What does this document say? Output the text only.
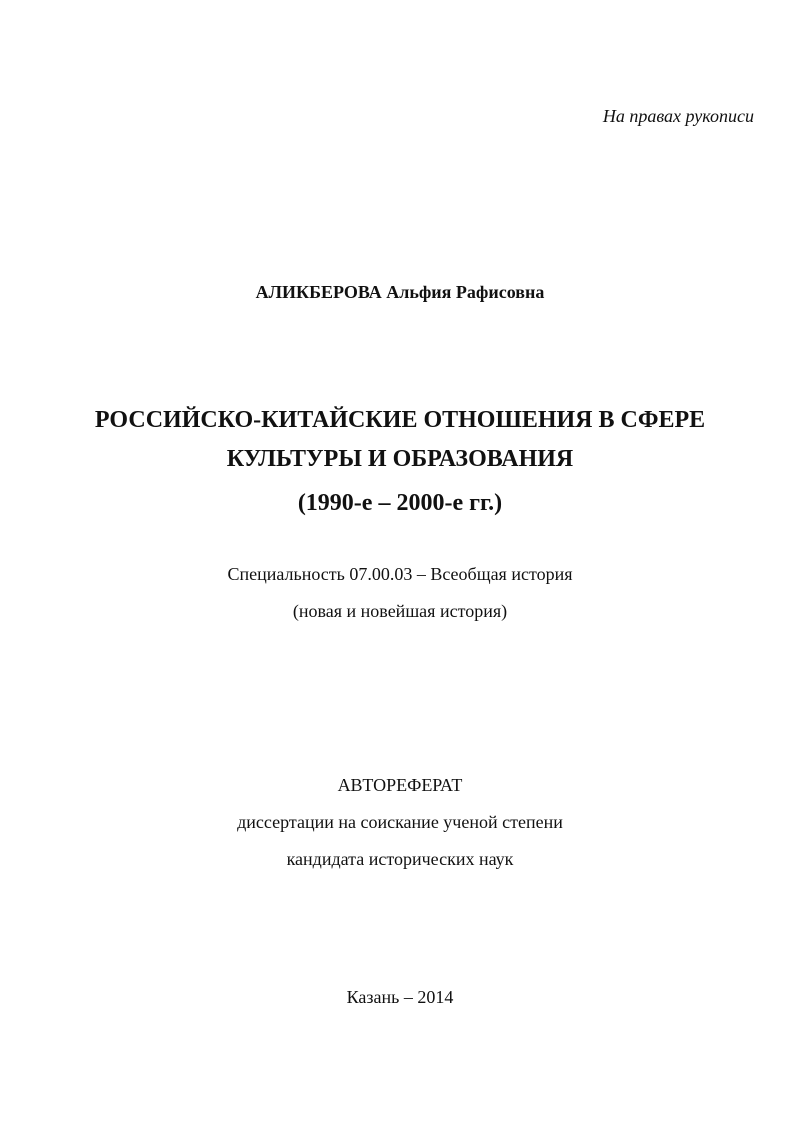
На правах рукописи
АЛИКБЕРОВА Альфия Рафисовна
РОССИЙСКО-КИТАЙСКИЕ ОТНОШЕНИЯ В СФЕРЕ
КУЛЬТУРЫ И ОБРАЗОВАНИЯ
(1990-е – 2000-е гг.)
Специальность 07.00.03 – Всеобщая история
(новая и новейшая история)
АВТОРЕФЕРАТ
диссертации на соискание ученой степени
кандидата исторических наук
Казань – 2014
